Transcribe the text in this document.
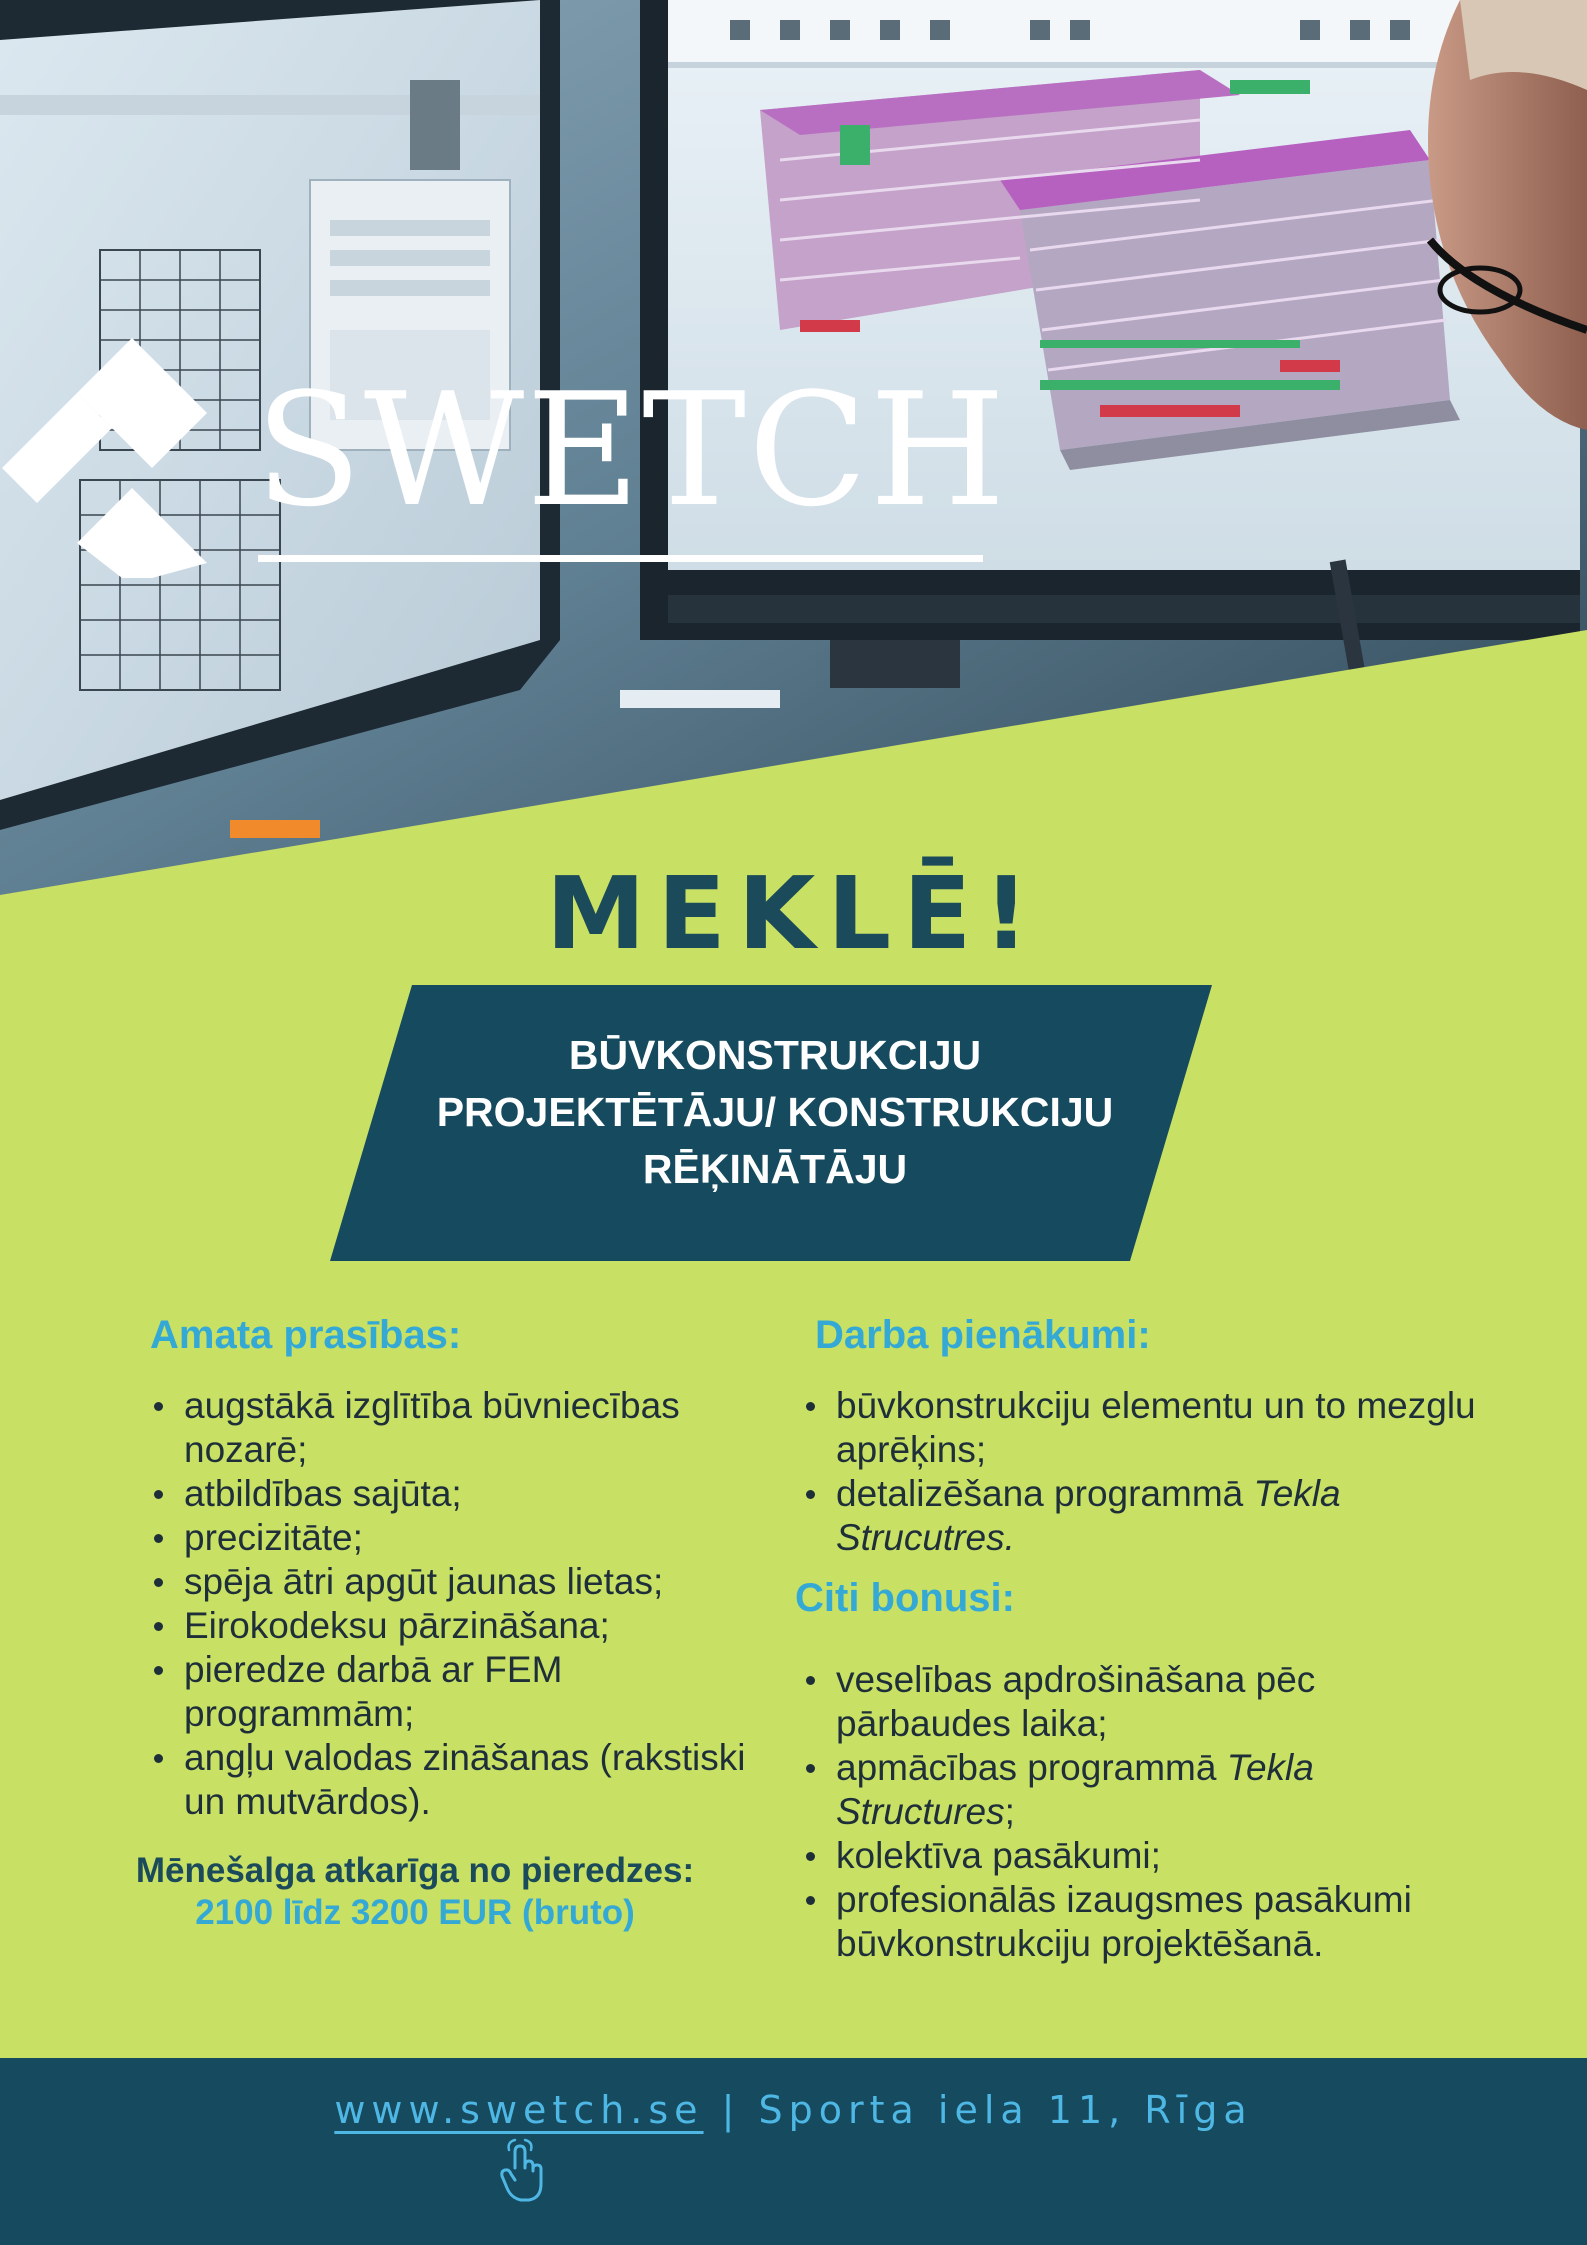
SWETCH
MEKLĒ!
BŪVKONSTRUKCIJU
PROJEKTĒTĀJU/ KONSTRUKCIJU
RĒĶINĀTĀJU
Amata prasības:
augstākā izglītība būvniecības nozarē;
atbildības sajūta;
precizitāte;
spēja ātri apgūt jaunas lietas;
Eirokodeksu pārzināšana;
pieredze darbā ar FEM programmām;
angļu valodas zināšanas (rakstiski un mutvārdos).
Mēnešalga atkarīga no pieredzes:
2100 līdz 3200 EUR (bruto)
Darba pienākumi:
būvkonstrukciju elementu un to mezglu aprēķins;
detalizēšana programmā Tekla Strucutres.
Citi bonusi:
veselības apdrošināšana pēc pārbaudes laika;
apmācības programmā Tekla Structures;
kolektīva pasākumi;
profesionālās izaugsmes pasākumi būvkonstrukciju projektēšanā.
www.swetch.se | Sporta iela 11, Rīga
